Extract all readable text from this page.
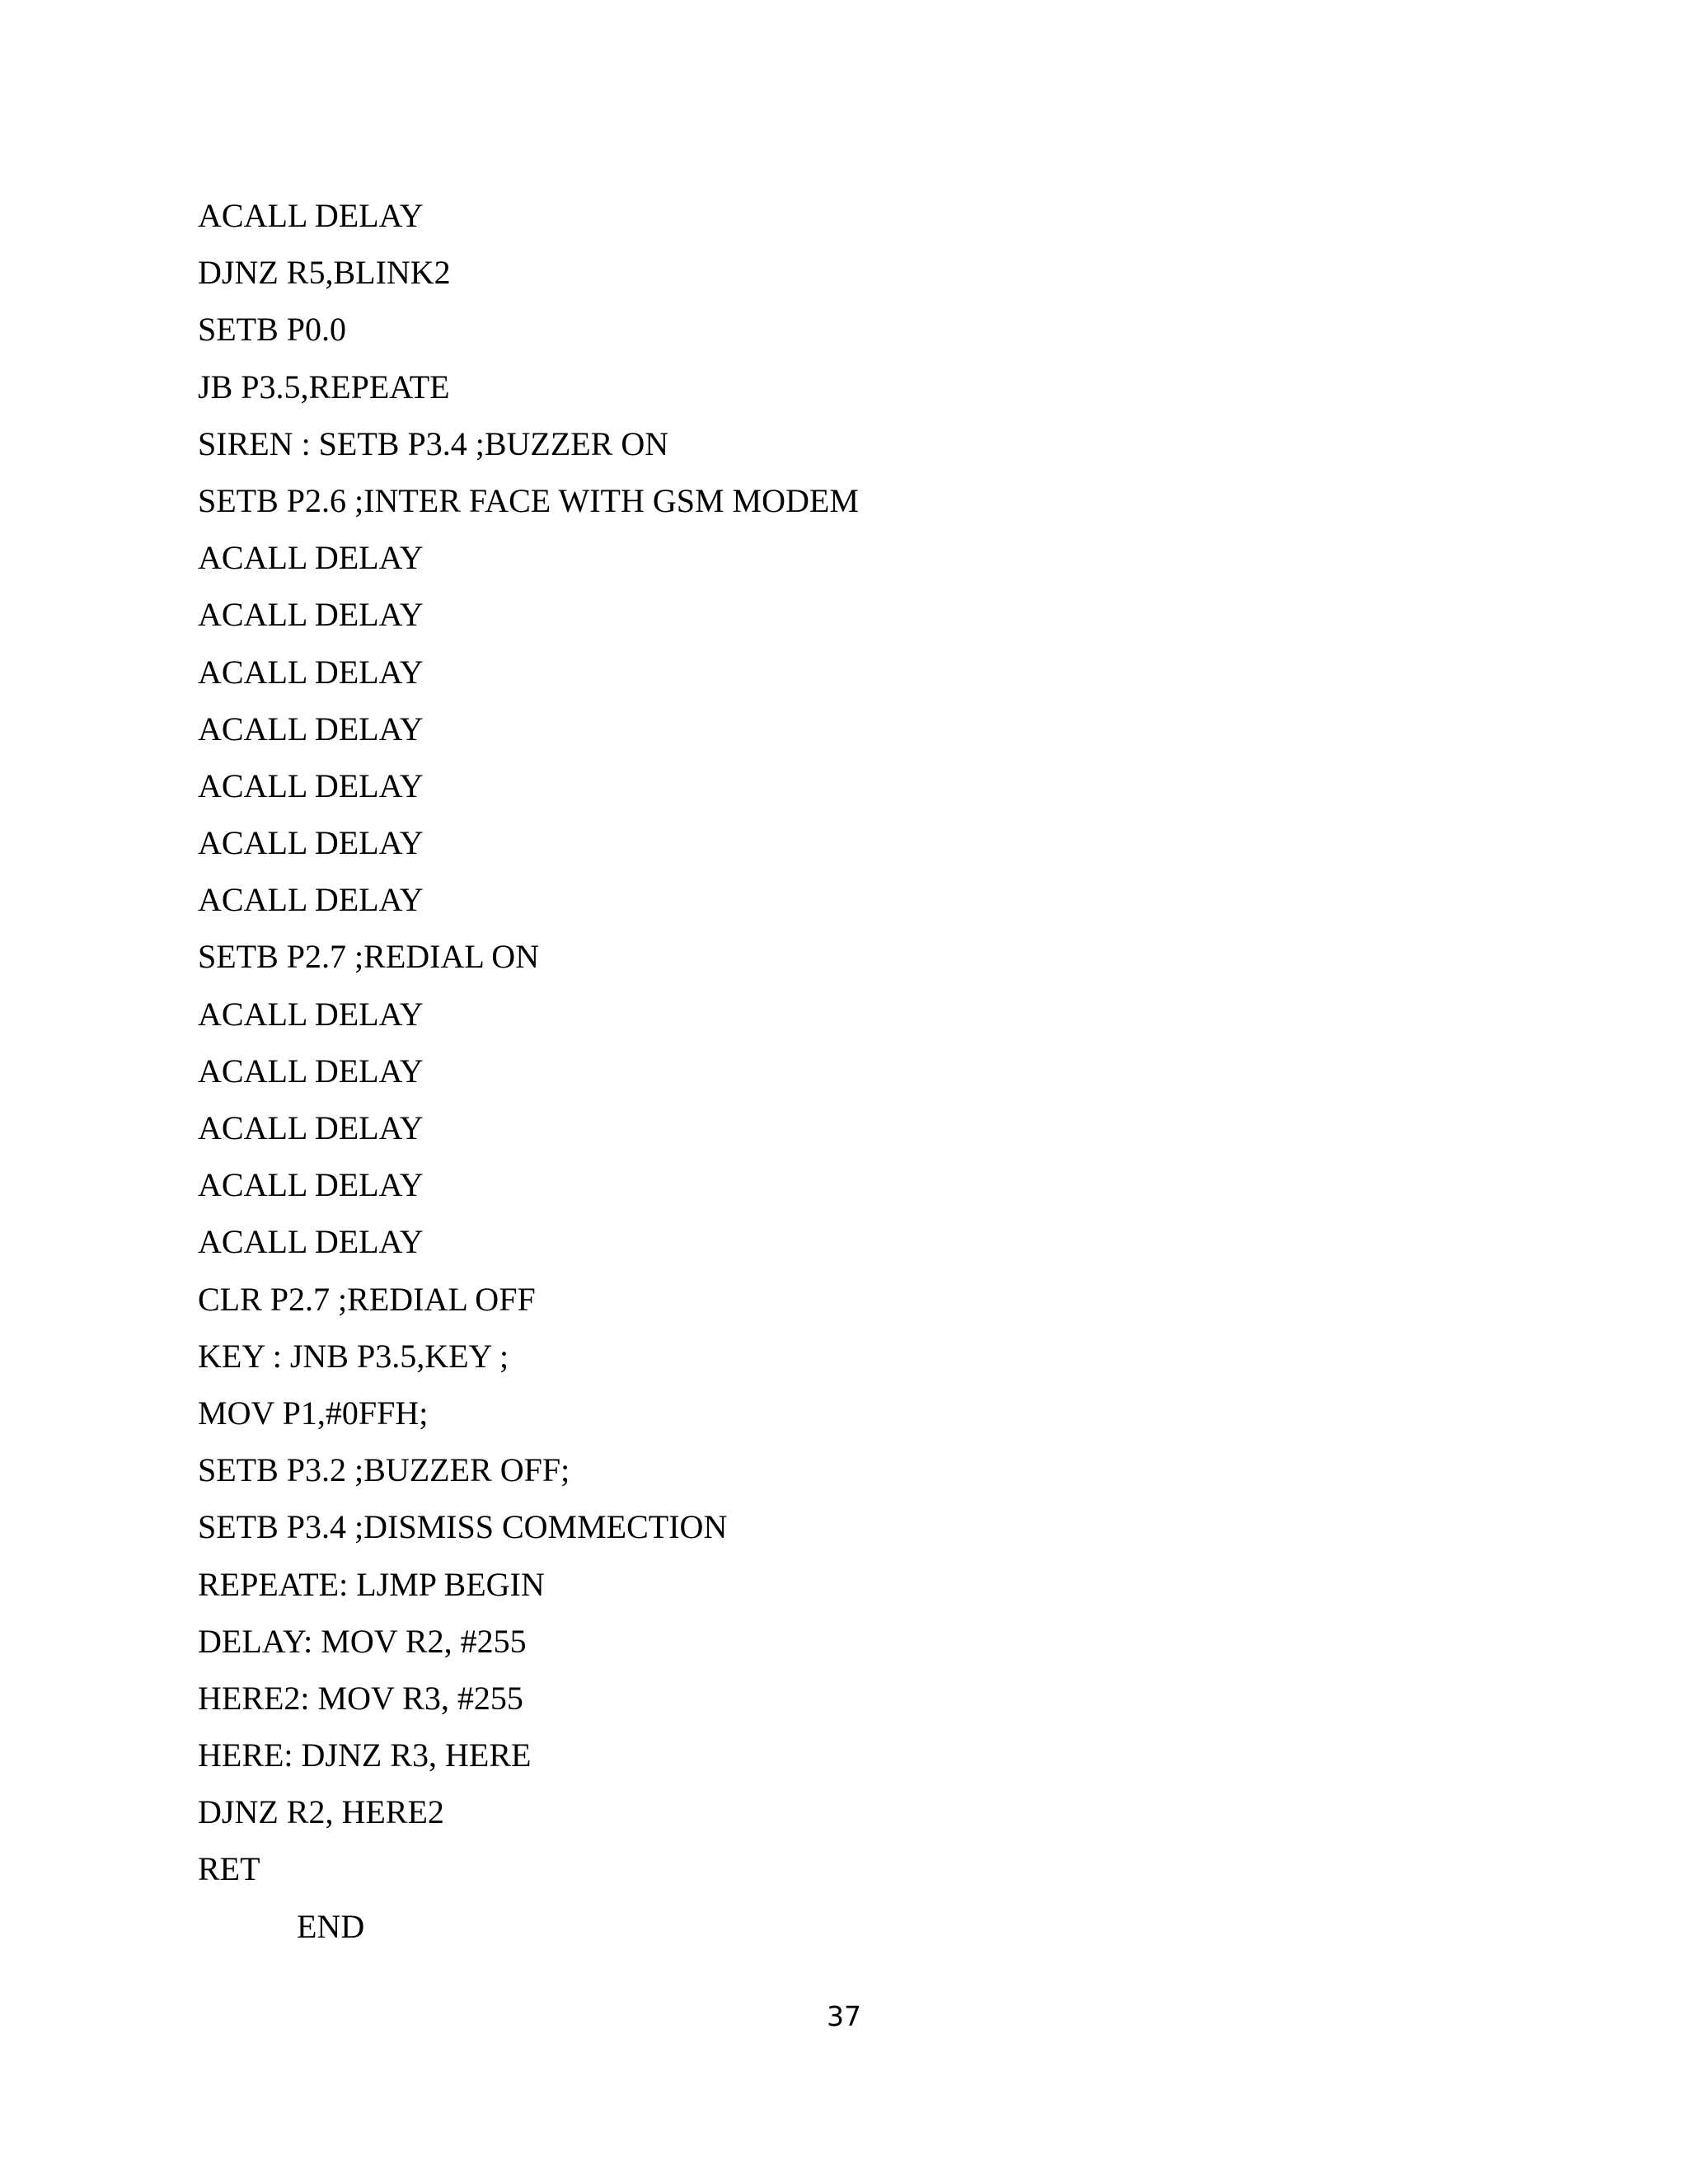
ACALL DELAY
DJNZ R5,BLINK2
SETB P0.0
JB P3.5,REPEATE
SIREN : SETB P3.4 ;BUZZER ON
SETB P2.6 ;INTER FACE WITH GSM MODEM
ACALL DELAY
ACALL DELAY
ACALL DELAY
ACALL DELAY
ACALL DELAY
ACALL DELAY
ACALL DELAY
SETB P2.7 ;REDIAL ON
ACALL DELAY
ACALL DELAY
ACALL DELAY
ACALL DELAY
ACALL DELAY
CLR P2.7 ;REDIAL OFF
KEY : JNB P3.5,KEY ;
MOV P1,#0FFH;
SETB P3.2 ;BUZZER OFF;
SETB P3.4 ;DISMISS COMMECTION
REPEATE: LJMP BEGIN
DELAY: MOV R2, #255
HERE2: MOV R3, #255
HERE: DJNZ R3, HERE
DJNZ R2, HERE2
RET
END
37
